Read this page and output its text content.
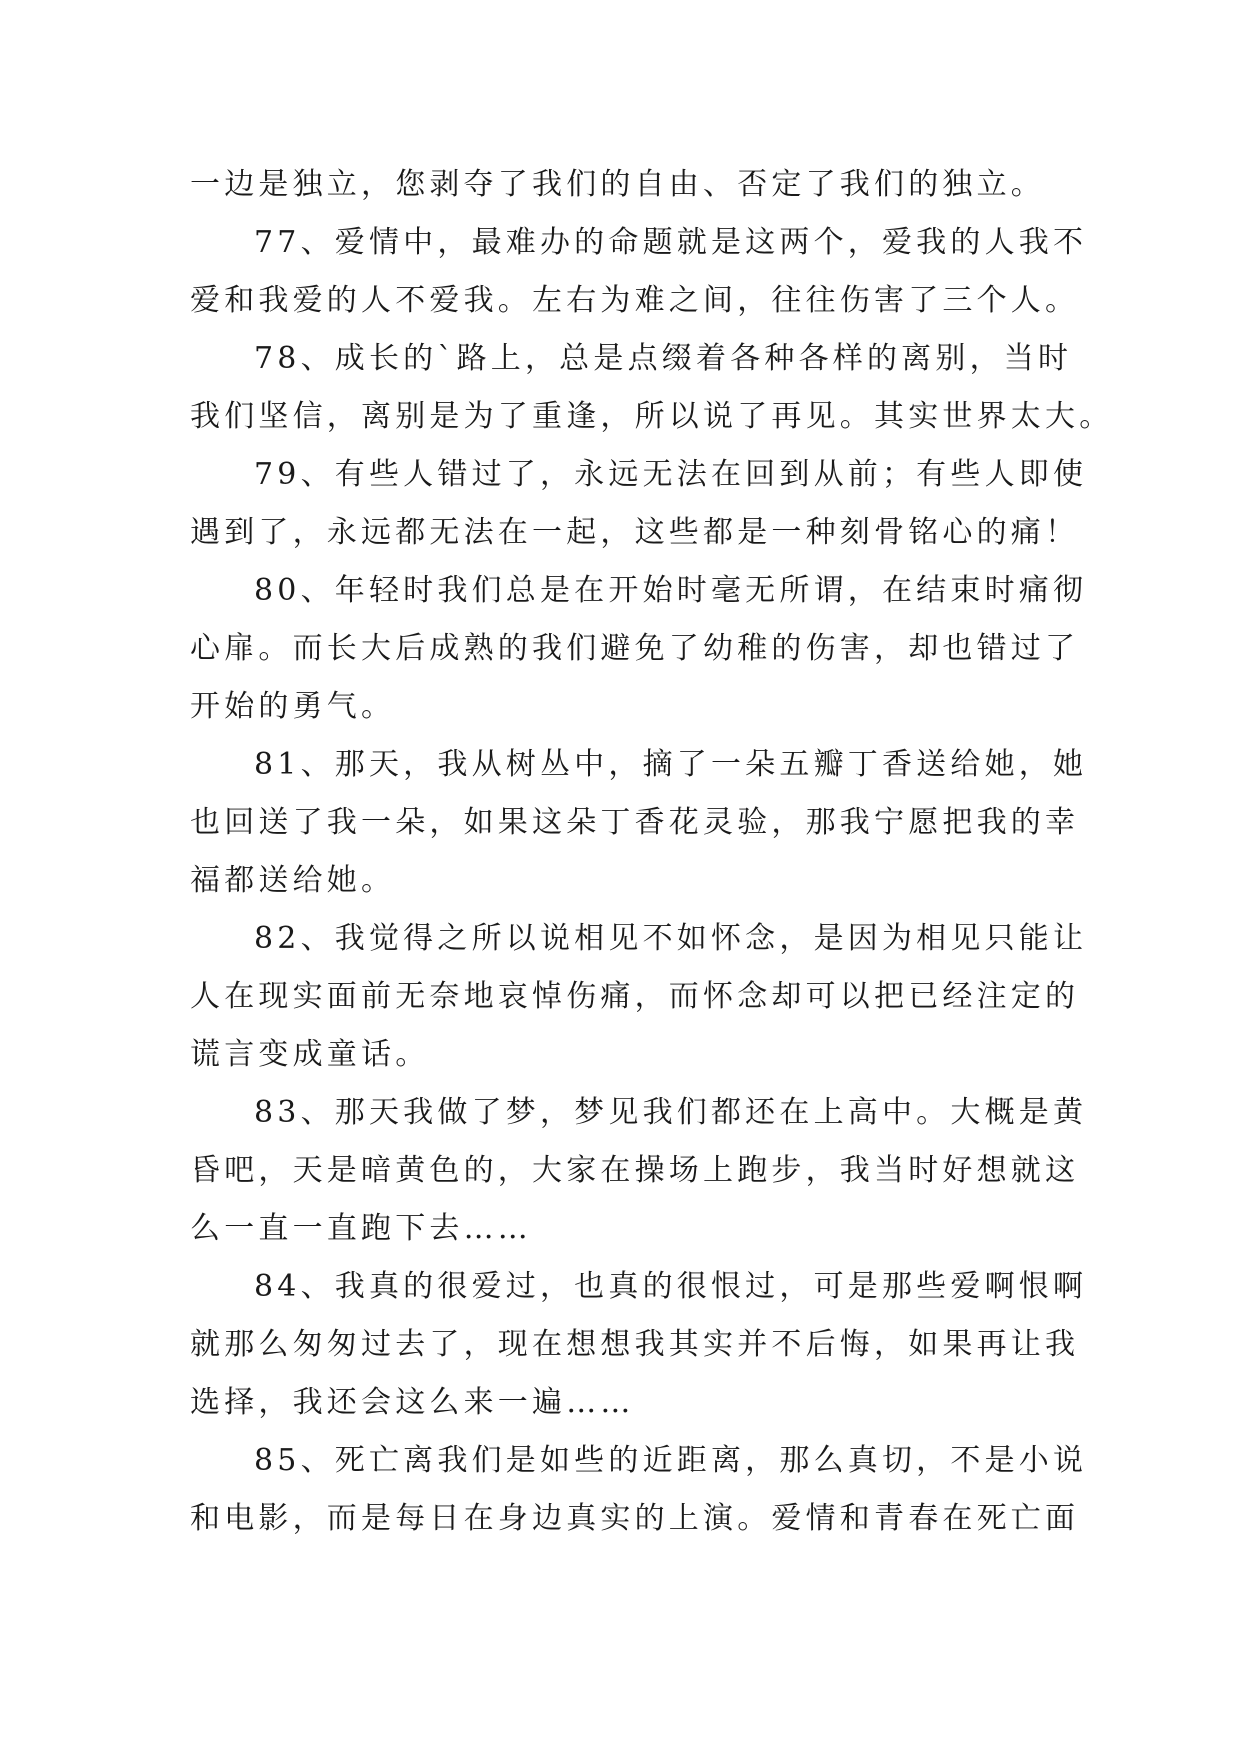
一边是独立，您剥夺了我们的自由、否定了我们的独立。
77、爱情中，最难办的命题就是这两个，爱我的人我不
爱和我爱的人不爱我。左右为难之间，往往伤害了三个人。
78、成长的`路上，总是点缀着各种各样的离别，当时
我们坚信，离别是为了重逢，所以说了再见。其实世界太大。
79、有些人错过了，永远无法在回到从前；有些人即使
遇到了，永远都无法在一起，这些都是一种刻骨铭心的痛！
80、年轻时我们总是在开始时毫无所谓，在结束时痛彻
心扉。而长大后成熟的我们避免了幼稚的伤害，却也错过了
开始的勇气。
81、那天，我从树丛中，摘了一朵五瓣丁香送给她，她
也回送了我一朵，如果这朵丁香花灵验，那我宁愿把我的幸
福都送给她。
82、我觉得之所以说相见不如怀念，是因为相见只能让
人在现实面前无奈地哀悼伤痛，而怀念却可以把已经注定的
谎言变成童话。
83、那天我做了梦，梦见我们都还在上高中。大概是黄
昏吧，天是暗黄色的，大家在操场上跑步，我当时好想就这
么一直一直跑下去……
84、我真的很爱过，也真的很恨过，可是那些爱啊恨啊
就那么匆匆过去了，现在想想我其实并不后悔，如果再让我
选择，我还会这么来一遍……
85、死亡离我们是如些的近距离，那么真切，不是小说
和电影，而是每日在身边真实的上演。爱情和青春在死亡面
